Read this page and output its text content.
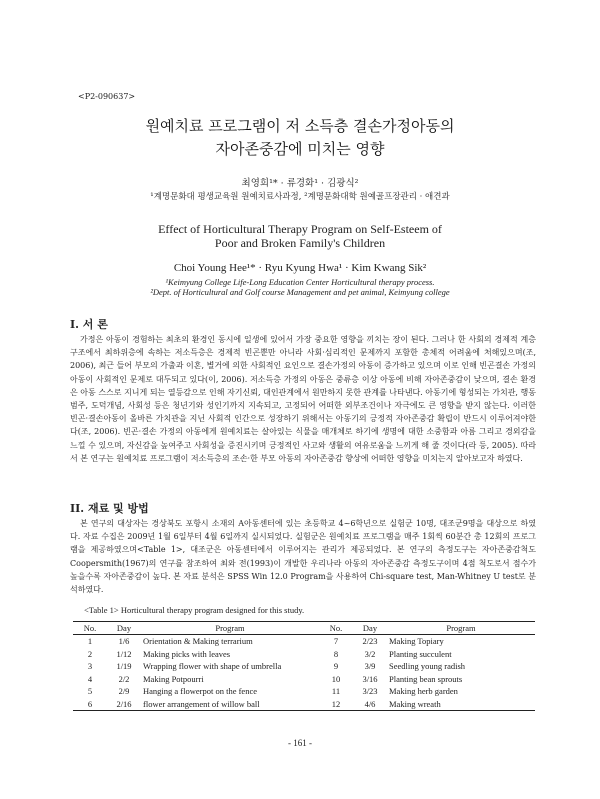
<P2-090637>
원예치료 프로그램이 저 소득층 결손가정아동의
자아존중감에 미치는 영향
최영희¹* · 류경화¹ · 김광식²
¹계명문화대 평생교육원 원예치료사과정, ²계명문화대학 원예골프장관리 · 애견과
Effect of Horticultural Therapy Program on Self-Esteem of
Poor and Broken Family's Children
Choi Young Hee¹* · Ryu Kyung Hwa¹ · Kim Kwang Sik²
¹Keimyung College Life-Long Education Center Horticultural therapy process.
²Dept. of Horticultural and Golf course Management and pet animal, Keimyung college
I. 서 론

가정은 아동이 경험하는 최초의 환경인 동시에 일생에 있어서 가장 중요한 영향을 끼치는 장이 된다. 그러나 한 사회의 경제적 계층구조에서 최하위층에 속하는 저소득층은 경제적 빈곤뿐만 아니라 사회·심리적인 문제까지 포함한 총체적 어려움에 처해있으며(조, 2006), 최근 들어 부모의 가출과 이혼, 별거에 의한 사회적인 요인으로 결손가정의 아동이 증가하고 있으며 이로 인해 빈곤결손 가정의 아동이 사회적인 문제로 대두되고 있다(이, 2006). 저소득층 가정의 아동은 중류층 이상 아동에 비해 자아존중감이 낮으며, 결손 환경은 아동 스스로 지니게 되는 열등감으로 인해 자기신뢰, 대인관계에서 원만하지 못한 관계를 나타낸다. 아동기에 형성되는 가치관, 행동범주, 도덕개념, 사회성 등은 청년기와 성인기까지 지속되고, 고정되어 어떠한 외부조건이나 자극에도 큰 영향을 받지 않는다. 이러한 빈곤·결손아동이 올바른 가치관을 지닌 사회적 인간으로 성장하기 위해서는 아동기의 긍정적 자아존중감 확립이 반드시 이루어져야한다(조, 2006). 빈곤·결손 가정의 아동에게 원예치료는 살아있는 식물을 매개체로 하기에 생명에 대한 소중함과 아름 그리고 경외감을 느낄 수 있으며, 자신감을 높여주고 사회성을 증진시키며 긍정적인 사고와 생활의 여유로움을 느끼게 해 줄 것이다(라 등, 2005). 따라서 본 연구는 원예치료 프로그램이 저소득층의 조손·한 부모 아동의 자아존중감 향상에 어떠한 영향을 미치는지 알아보고자 하였다.

II. 재료 및 방법

본 연구의 대상자는 경상북도 포항시 소재의 A아동센터에 있는 초등학교 4~6학년으로 실험군 10명, 대조군9명을 대상으로 하였다. 자료 수집은 2009년 1월 6일부터 4월 6일까지 실시되었다. 실험군은 원예치료 프로그램을 매주 1회씩 60분간 총 12회의 프로그램을 제공하였으며<Table 1>, 대조군은 아동센터에서 이루어지는 관리가 제공되었다. 본 연구의 측정도구는 자아존중감척도 Coopersmith(1967)의 연구를 참조하여 최와 전(1993)이 개발한 우리나라 아동의 자아존중감 측정도구이며 4점 척도로서 점수가 높을수록 자아존중감이 높다. 본 자료 분석은 SPSS Win 12.0 Program을 사용하여 Chi-square test, Man-Whitney U test로 분석하였다.

<Table 1> Horticultural therapy program designed for this study.
No.	Day	Program	No.	Day	Program
1	1/6	Orientation & Making terrarium	7	2/23	Making Topiary
2	1/12	Making picks with leaves	8	3/2	Planting succulent
3	1/19	Wrapping flower with shape of umbrella	9	3/9	Seedling young radish
4	2/2	Making Potpourri	10	3/16	Planting bean sprouts
5	2/9	Hanging a flowerpot on the fence	11	3/23	Making herb garden
6	2/16	flower arrangement of willow ball	12	4/6	Making wreath
- 161 -
